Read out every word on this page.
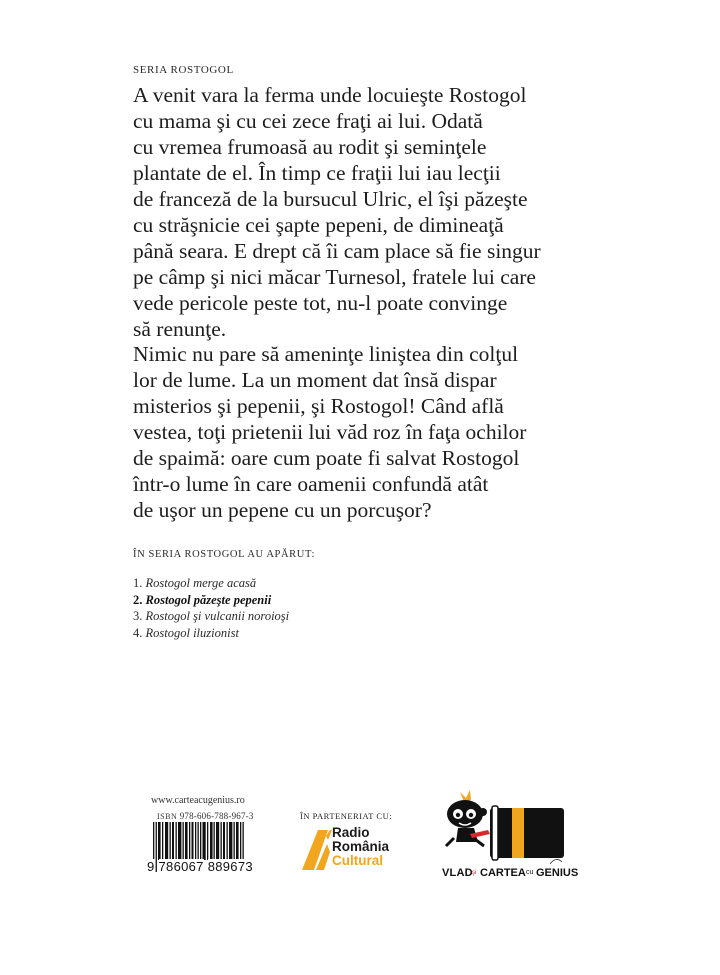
SERIA ROSTOGOL
A venit vara la ferma unde locuieşte Rostogol
cu mama şi cu cei zece fraţi ai lui. Odată
cu vremea frumoasă au rodit şi seminţele
plantate de el. În timp ce fraţii lui iau lecţii
de franceză de la bursucul Ulric, el îşi păzeşte
cu străşnicie cei şapte pepeni, de dimineaţă
până seara. E drept că îi cam place să fie singur
pe câmp şi nici măcar Turnesol, fratele lui care
vede pericole peste tot, nu-l poate convinge
să renunţe.
Nimic nu pare să ameninţe liniştea din colţul
lor de lume. La un moment dat însă dispar
misterios şi pepenii, şi Rostogol! Când află
vestea, toţi prietenii lui văd roz în faţa ochilor
de spaimă: oare cum poate fi salvat Rostogol
într-o lume în care oamenii confundă atât
de uşor un pepene cu un porcuşor?
ÎN SERIA ROSTOGOL AU APĂRUT:
1. Rostogol merge acasă
2. Rostogol păzeşte pepenii
3. Rostogol şi vulcanii noroioşi
4. Rostogol iluzionist
www.carteacugenius.ro
ISBN 978-606-788-967-3
9 786067 889673
ÎN PARTENERIAT CU:
Radio
România
Cultural
VLAD şi CARTEA cu GENIUS
